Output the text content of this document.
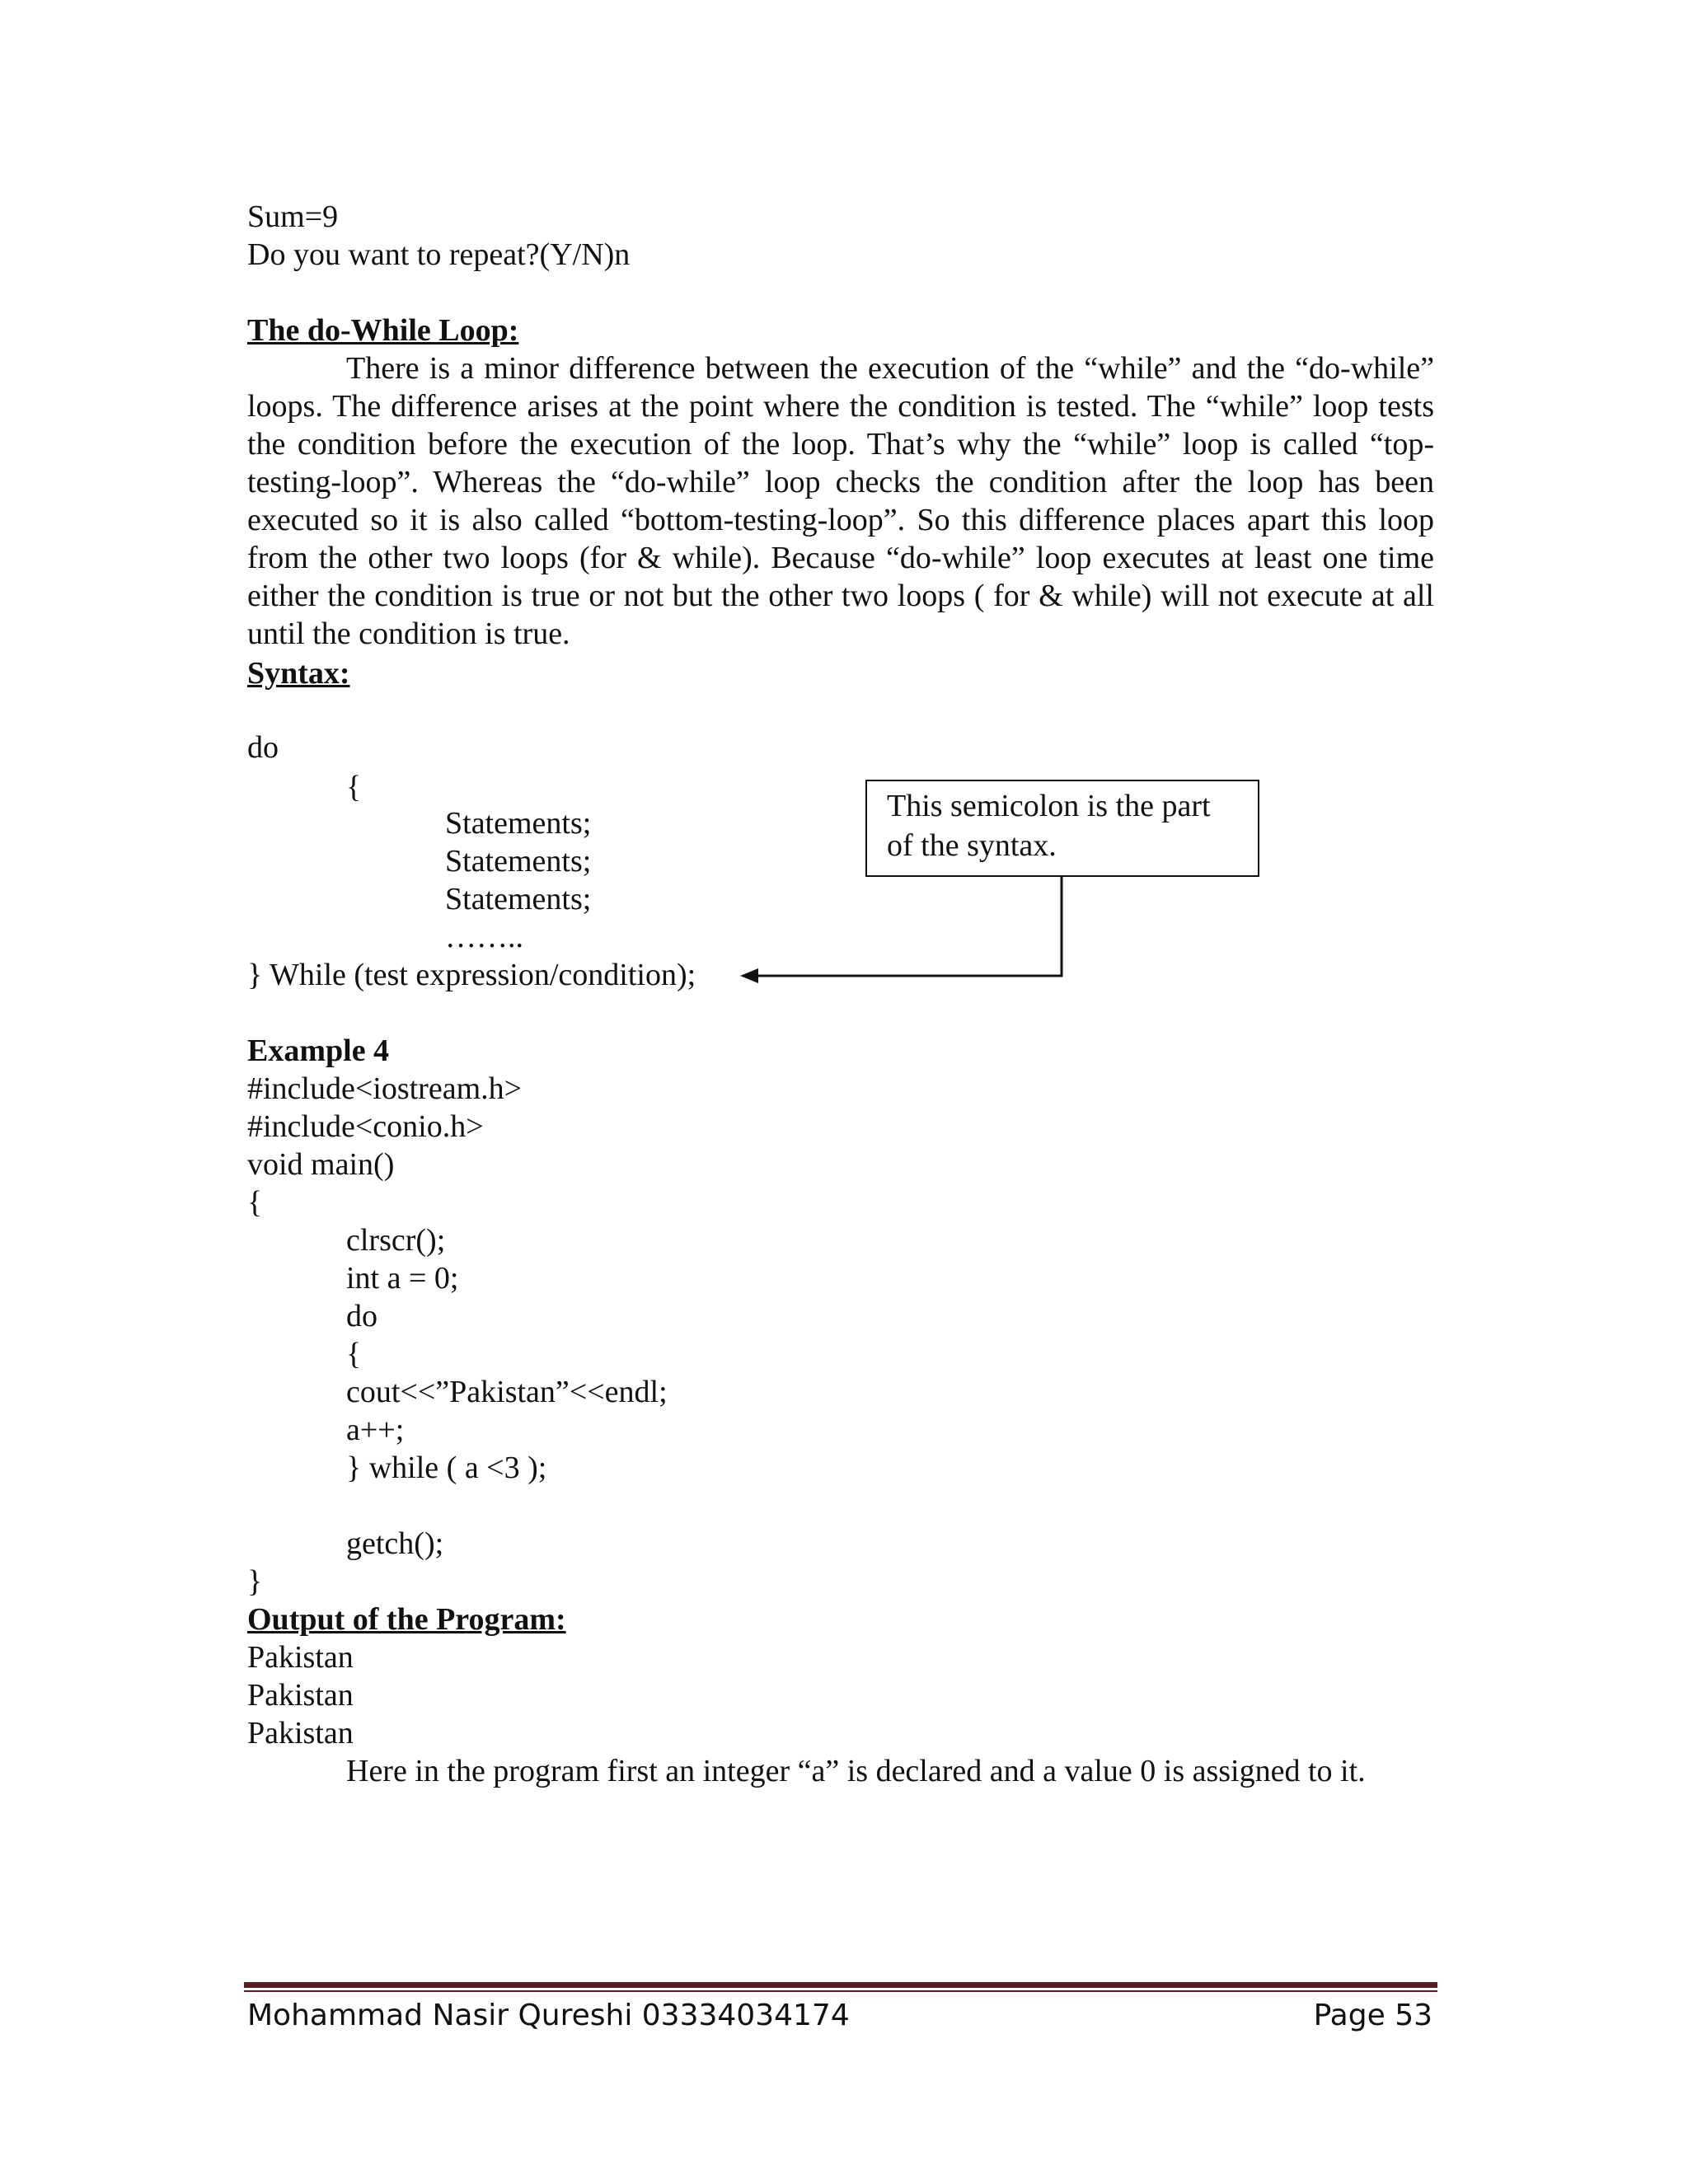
Sum=9
Do you want to repeat?(Y/N)n
The do-While Loop:
There is a minor difference between the execution of the “while” and the “do-while” loops. The difference arises at the point where the condition is tested. The “while” loop tests the condition before the execution of the loop. That’s why the “while” loop is called “top-testing-loop”. Whereas the “do-while” loop checks the condition after the loop has been executed so it is also called “bottom-testing-loop”. So this difference places apart this loop from the other two loops (for & while). Because “do-while” loop executes at least one time either the condition is true or not but the other two loops ( for & while) will not execute at all until the condition is true.
Syntax:
do
{
Statements;
Statements;
Statements;
……..
} While (test expression/condition);
This semicolon is the part of the syntax.
Example 4
#include<iostream.h>
#include<conio.h>
void main()
{
clrscr();
int a = 0;
do
{
cout<<”Pakistan”<<endl;
a++;
} while ( a <3 );
getch();
}
Output of the Program:
Pakistan
Pakistan
Pakistan
Here in the program first an integer “a” is declared and a value 0 is assigned to it.
Mohammad Nasir Qureshi 03334034174	Page 53
